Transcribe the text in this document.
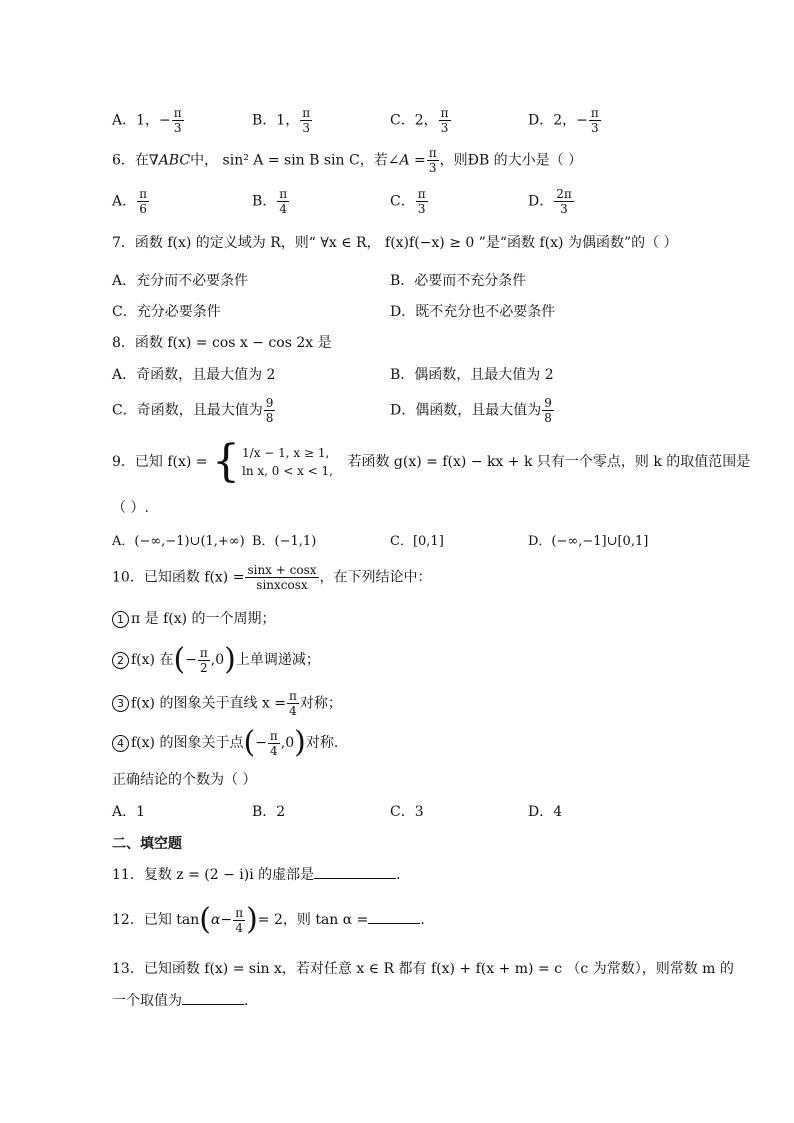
A．1，− $\frac{\pi}{3}$	B．1， $\frac{\pi}{3}$	C．2， $\frac{\pi}{3}$	D．2，− $\frac{\pi}{3}$
6．在∇ABC中， sin² A = sin B sin C，若∠A = $\frac{\pi}{3}$ ，则ÐB 的大小是（ ）
A． $\frac{\pi}{6}$	B． $\frac{\pi}{4}$	C． $\frac{\pi}{3}$	D． $\frac{2\pi}{3}$
7．函数 f(x) 的定义域为 R，则“ ∀x ∈ R， f(x)f(−x) ≥ 0 ”是“函数 f(x) 为偶函数”的（ ）
A．充分而不必要条件	B．必要而不充分条件
C．充分必要条件	D．既不充分也不必要条件
8．函数 f(x) = cos x − cos 2x 是
A．奇函数，且最大值为 2	B．偶函数，且最大值为 2
C．奇函数，且最大值为 $\frac{9}{8}$	D．偶函数，且最大值为 $\frac{9}{8}$
9．已知 f(x) = { 1/x − 1, x ≥ 1,
ln x, 0 < x < 1,
若函数 g(x) = f(x) − kx + k 只有一个零点，则 k 的取值范围是
（ ）.
A．(−∞,−1)∪(1,+∞) B．(−1,1)	C．[0,1]	D．(−∞,−1]∪[0,1]
10．已知函数 $f(x) = \frac{\sin x + \cos x}{\text{sinxcosx}}$ ，在下列结论中：
1 π 是 f(x) 的一个周期；
2 f(x) 在(− $\frac{\pi}{2} ,0$)上单调递减；
3 f(x) 的图象关于直线 $x = \frac{\pi}{4}$ 对称；
4 f(x) 的图象关于点(− $\frac{\pi}{4} ,0$)对称.
正确结论的个数为（ ）
A．1	B．2	C．3	D．4
二、填空题
11．复数 z = (2 − i)i 的虚部是	.
12．已知 $\tan(\alpha- \frac{\pi}{4}$ )= 2，则 tan α =	.
13．已知函数 f(x) = sin x，若对任意 x ∈ R 都有 f(x) + f(x + m) = c （c 为常数），则常数 m 的
一个取值为	.
